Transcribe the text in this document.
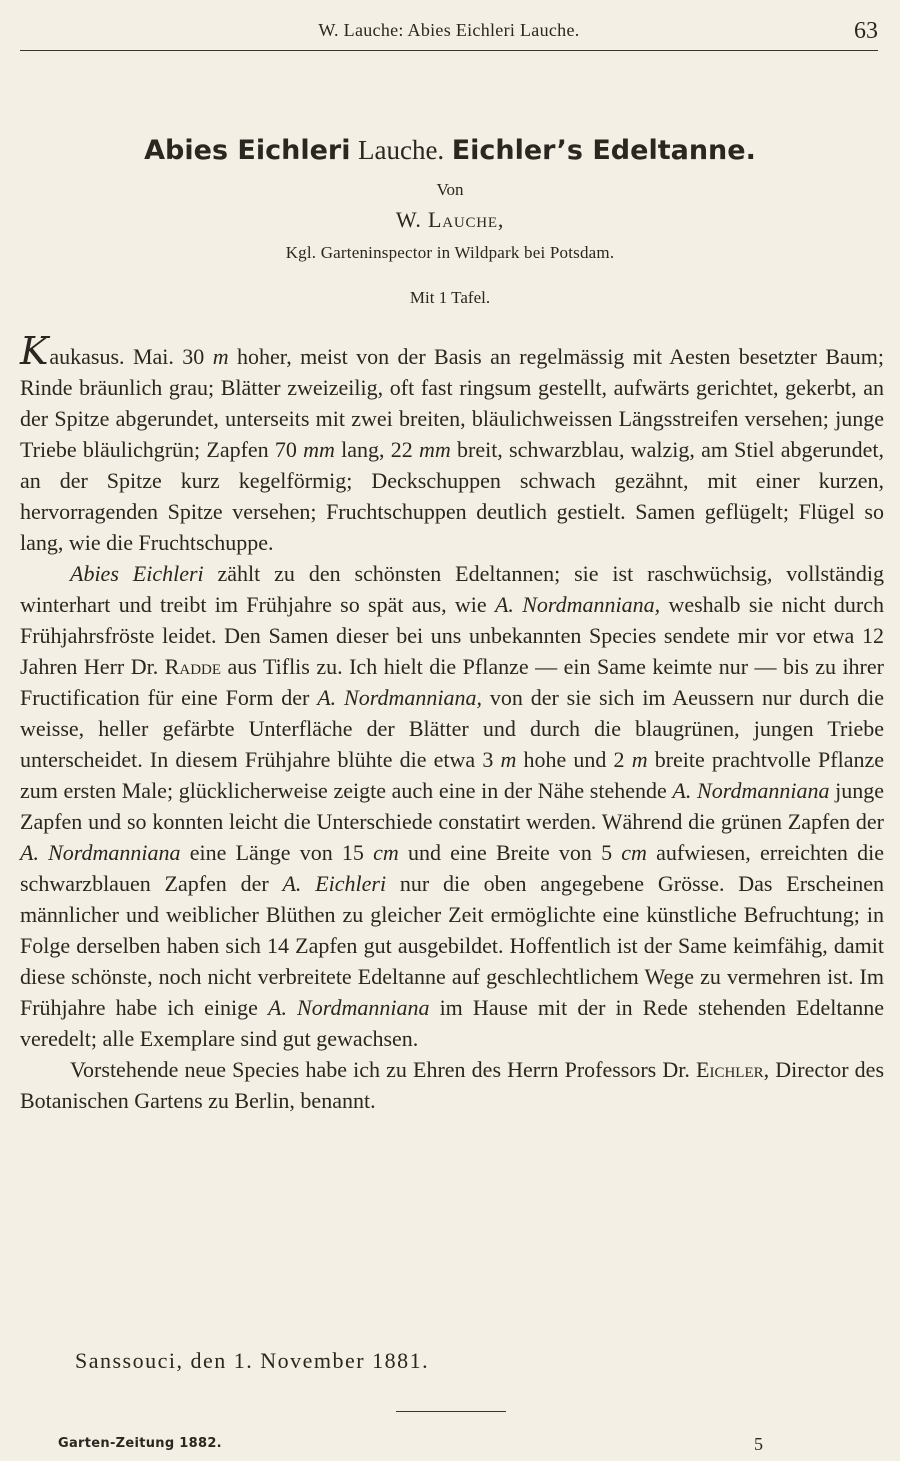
W. Lauche: Abies Eichleri Lauche.	63
Abies Eichleri Lauche. Eichler’s Edeltanne.
Von
W. Lauche,
Kgl. Garteninspector in Wildpark bei Potsdam.
Mit 1 Tafel.

Kaukasus. Mai. 30 m hoher, meist von der Basis an regelmässig mit Aesten besetzter Baum; Rinde bräunlich grau; Blätter zweizeilig, oft fast ringsum gestellt, aufwärts gerichtet, gekerbt, an der Spitze abgerundet, unterseits mit zwei breiten, bläulichweissen Längsstreifen versehen; junge Triebe bläulichgrün; Zapfen 70 mm lang, 22 mm breit, schwarzblau, walzig, am Stiel abgerundet, an der Spitze kurz kegelförmig; Deckschuppen schwach gezähnt, mit einer kurzen, hervorragenden Spitze versehen; Fruchtschuppen deutlich gestielt. Samen geflügelt; Flügel so lang, wie die Fruchtschuppe.

Abies Eichleri zählt zu den schönsten Edeltannen; sie ist raschwüchsig, vollständig winterhart und treibt im Frühjahre so spät aus, wie A. Nordmanniana, weshalb sie nicht durch Frühjahrsfröste leidet. Den Samen dieser bei uns unbekannten Species sendete mir vor etwa 12 Jahren Herr Dr. Radde aus Tiflis zu. Ich hielt die Pflanze — ein Same keimte nur — bis zu ihrer Fructification für eine Form der A. Nordmanniana, von der sie sich im Aeussern nur durch die weisse, heller gefärbte Unterfläche der Blätter und durch die blaugrünen, jungen Triebe unterscheidet. In diesem Frühjahre blühte die etwa 3 m hohe und 2 m breite prachtvolle Pflanze zum ersten Male; glücklicherweise zeigte auch eine in der Nähe stehende A. Nordmanniana junge Zapfen und so konnten leicht die Unterschiede constatirt werden. Während die grünen Zapfen der A. Nordmanniana eine Länge von 15 cm und eine Breite von 5 cm aufwiesen, erreichten die schwarzblauen Zapfen der A. Eichleri nur die oben angegebene Grösse. Das Erscheinen männlicher und weiblicher Blüthen zu gleicher Zeit ermöglichte eine künstliche Befruchtung; in Folge derselben haben sich 14 Zapfen gut ausgebildet. Hoffentlich ist der Same keimfähig, damit diese schönste, noch nicht verbreitete Edeltanne auf geschlechtlichem Wege zu vermehren ist. Im Frühjahre habe ich einige A. Nordmanniana im Hause mit der in Rede stehenden Edeltanne veredelt; alle Exemplare sind gut gewachsen.

Vorstehende neue Species habe ich zu Ehren des Herrn Professors Dr. Eichler, Director des Botanischen Gartens zu Berlin, benannt.

Sanssouci, den 1. November 1881.
Garten-Zeitung 1882.	5
